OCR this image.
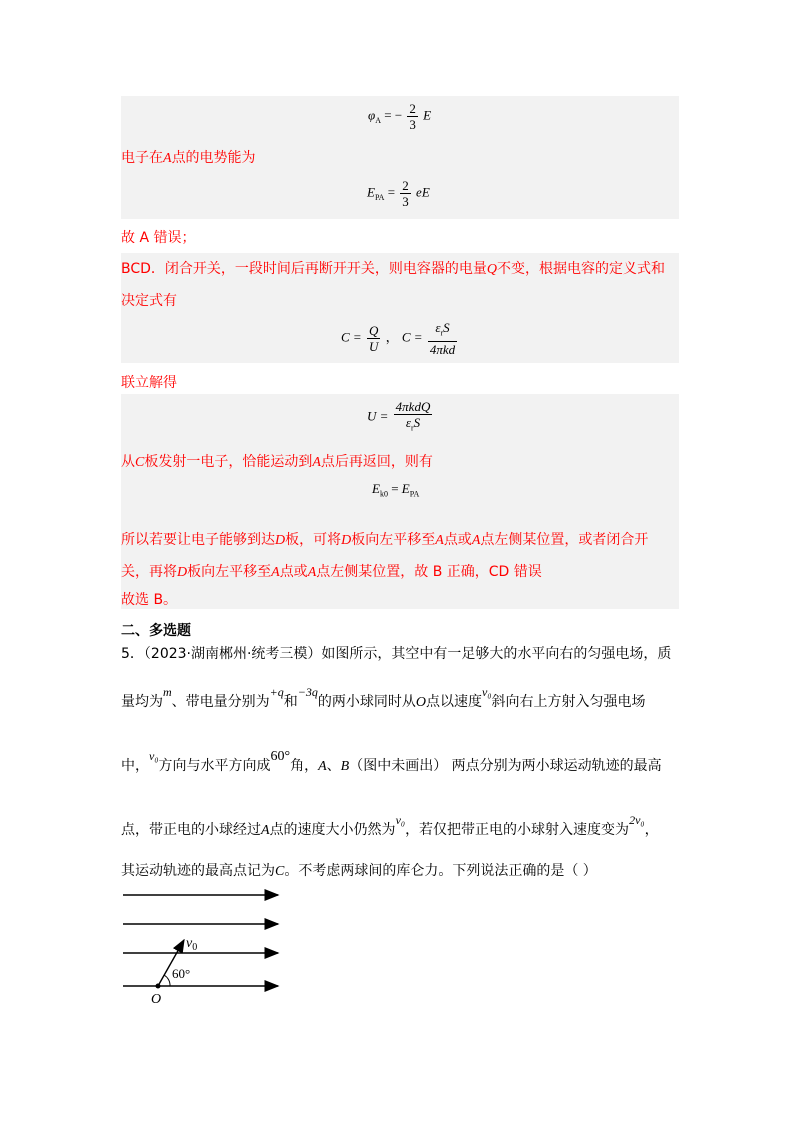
$\varphi_A$ = − $\frac{2}{3}$ E
电子在A点的电势能为
$E_{PA} = \frac{2}{3}$ eE
故 A 错误；
BCD．闭合开关，一段时间后再断开开关，则电容器的电量Q不变，根据电容的定义式和
决定式有
$C = \frac{Q}{U}$ ， $C = \frac{\varepsilon_rS}{\text{4πkd}}$
联立解得
$U = \frac{\text{4πkdQ}}{\varepsilon_rS}$
从C板发射一电子，恰能运动到A点后再返回，则有
$E_{k0} = E_{PA}$
所以若要让电子能够到达D板，可将D板向左平移至A点或A点左侧某位置，或者闭合开
关，再将D板向左平移至A点或A点左侧某位置，故 B 正确，CD 错误
故选 B。
二、多选题
5．（2023·湖南郴州·统考三模）如图所示，其空中有一足够大的水平向右的匀强电场，质
量均为m、带电量分别为+q和−3q的两小球同时从O点以速度v₀斜向右上方射入匀强电场
中，v₀方向与水平方向成60°角，A、B（图中未画出） 两点分别为两小球运动轨迹的最高
点，带正电的小球经过A点的速度大小仍然为v₀，若仅把带正电的小球射入速度变为2v₀，
其运动轨迹的最高点记为C。不考虑两球间的库仑力。下列说法正确的是（ ）
$v_0$
60°
O
